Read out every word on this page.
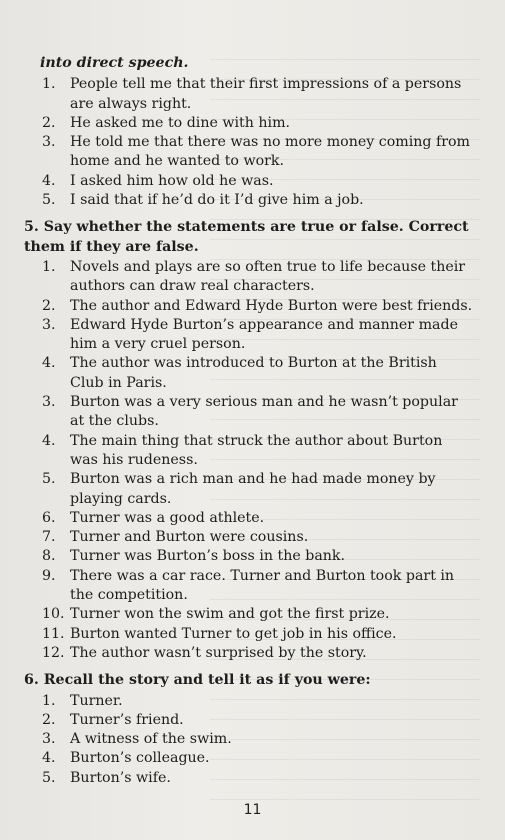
into direct speech.
1.	People tell me that their first impressions of a persons are always right.
2.	He asked me to dine with him.
3.	He told me that there was no more money coming from home and he wanted to work.
4.	I asked him how old he was.
5.	I said that if he’d do it I’d give him a job.
5. Say whether the statements are true or false. Correct them if they are false.
1.	Novels and plays are so often true to life because their authors can draw real characters.
2.	The author and Edward Hyde Burton were best friends.
3.	Edward Hyde Burton’s appearance and manner made him a very cruel person.
4.	The author was introduced to Burton at the British Club in Paris.
3.	Burton was a very serious man and he wasn’t popular at the clubs.
4.	The main thing that struck the author about Burton was his rudeness.
5.	Burton was a rich man and he had made money by playing cards.
6.	Turner was a good athlete.
7.	Turner and Burton were cousins.
8.	Turner was Burton’s boss in the bank.
9.	There was a car race. Turner and Burton took part in the competition.
10. Turner won the swim and got the first prize.
11. Burton wanted Turner to get job in his office.
12. The author wasn’t surprised by the story.
6. Recall the story and tell it as if you were:
1.	Turner.
2.	Turner’s friend.
3.	A witness of the swim.
4.	Burton’s colleague.
5.	Burton’s wife.
11
